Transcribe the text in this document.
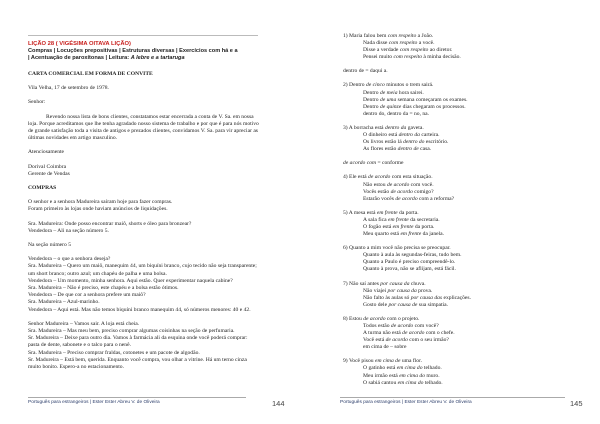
LIÇÃO 28 ( VIGÉSIMA OITAVA LIÇÃO)
Compras | Locuções prepositivas | Estruturas diversas | Exercícios com há e a
| Acentuação de paroxítonas | Leitura: A lebre e a tartaruga
CARTA COMERCIAL EM FORMA DE CONVITE
Vila Velha, 17 de setembro de 1978.
Senhor:
Revendo nossa lista de bons clientes, constatamos estar encerrada a conta de V. Sa. em nossa loja. Porque acreditamos que lhe tenha agradado nosso sistema de trabalho e por que é para nós motivo de grande satisfação toda a visita de antigos e prezados clientes, convidamos V. Sa. para vir apreciar as últimas novidades em artigo masculino.
Atenciosamente
Dorival Coimbra
Gerente de Vendas
COMPRAS
O senhor e a senhora Madureira saíram hoje para fazer compras.
Foram primeiro às lojas onde haviam anúncios de liquidações.
Sra. Madureira: Onde posso encontrar maiô, shorts e óleo para bronzear?
Vendedora – Ali na seção número 5.
Na seção número 5
Vendedora – o que a senhora deseja?
Sra. Madureira – Quero um maiô, manequim 44, um biquíni branco, cujo tecido não seja transparente; um short branco; outro azul; um chapéu de palha e uma bolsa.
Vendedora – Um momento, minha senhora. Aqui estão. Quer experimentar naquela cabine?
Sra. Madureira – Não é preciso, este chapéu e a bolsa estão ótimos.
Vendedora – De que cor a senhora prefere um maiô?
Sra. Madureira – Azul-marinho.
Vendedora – Aqui está. Mas não temos biquíni branco manequim 44, só números menores: 40 e 42.
Senhor Madureira – Vamos sair. A loja está cheia.
Sra. Madureira – Mas meu bem, preciso comprar algumas coisinhas na seção de perfumaria.
Sr. Madureira – Deixe para outro dia. Vamos à farmácia ali da esquina onde você poderá comprar: pasta de dente, sabonete e o talco para o nenê.
Sra. Madureira – Preciso comprar fraldas, cotonetes e um pacote de algodão.
Sr. Madureira – Está bem, querida. Enquanto você compra, vou olhar a vitrine. Há um terno cinza muito bonito. Espero-a no estacionamento.
Português para estrangeiros | Ester Ester Abreu V. de Oliveira	144
1) Maria falou bem com respeito a João.
Nada disse com respeito a você.
Disse a verdade com respeito ao diretor.
Pensei muito com respeito à minha decisão.
dentro de = daqui a.
2) Dentro de cinco minutos o trem sairá.
Dentro de meia hora sairei.
Dentro de uma semana começaram os exames.
Dentro de quinze dias chegaram os processos.
dentro do, dentro da = no, na.
3) A borracha está dentro da gaveta.
O dinheiro está dentro da carteira.
Os livros estão lá dentro do escritório.
As flores estão dentro de casa.
de acordo com = conforme
4) Ele está de acordo com esta situação.
Não estou de acordo com você.
Vocês estão de acordo comigo?
Estarão vocês de acordo com a reforma?
5) A mesa está em frente da porta.
A sala fica em frente da secretaria.
O fogão está em frente da porta.
Meu quarto está em frente da janela.
6) Quanto a mim você não precisa se preocupar.
Quanto à aula às segundas-feiras, tudo bem.
Quanto a Paulo é preciso compreendê-lo.
Quanto à prova, não se aflijam, está fácil.
7) Não saí antes por causa da chuva.
Não viajei por causa da prova.
Não falto às aulas só por causa das explicações.
Gosto dele por causa de sua simpatia.
8) Estou de acordo com o projeto.
Todos estão de acordo com você?
A turma não está de acordo com o chefe.
Você está de acordo com o seu irmão?
em cima de – sobre
9) Você pisou em cima de uma flor.
O gatinho está em cima do telhado.
Meu irmão está em cima do muro.
O sabiá cantou em cima do telhado.
Português para estrangeiros | Ester Ester Abreu V. de Oliveira	145
